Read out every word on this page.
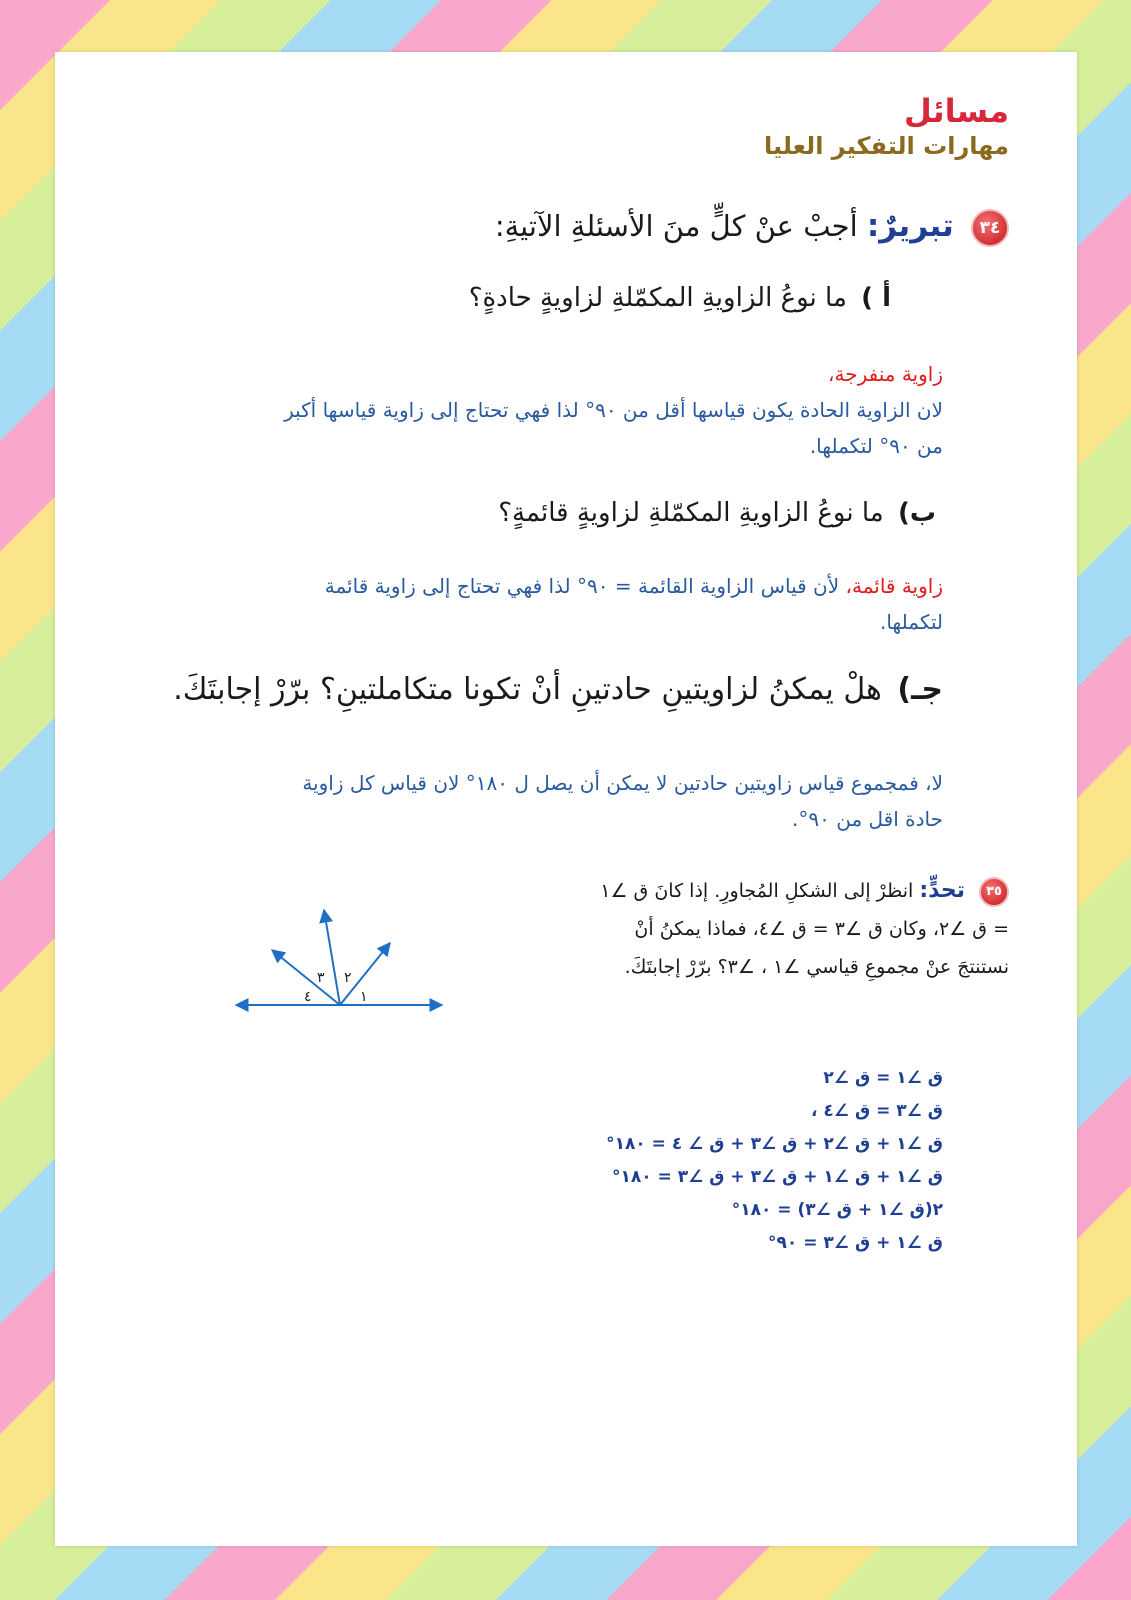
مسائل
مهارات التفكير العليا
٣٤ تبريرٌ: أجبْ عنْ كلٍّ منَ الأسئلةِ الآتيةِ:
أ ) ما نوعُ الزاويةِ المكمّلةِ لزاويةٍ حادةٍ؟
زاوية منفرجة،
لان الزاوية الحادة يكون قياسها أقل من ٩٠° لذا فهي تحتاج إلى زاوية قياسها أكبر
من ٩٠° لتكملها.
ب) ما نوعُ الزاويةِ المكمّلةِ لزاويةٍ قائمةٍ؟
زاوية قائمة، لأن قياس الزاوية القائمة = ٩٠° لذا فهي تحتاج إلى زاوية قائمة
لتكملها.
جـ) هلْ يمكنُ لزاويتينِ حادتينِ أنْ تكونا متكاملتينِ؟ برّرْ إجابتَكَ.
لا، فمجموع قياس زاويتين حادتين لا يمكن أن يصل ل ١٨٠° لان قياس كل زاوية
حادة اقل من ٩٠°.
٣٥ تحدٍّ: انظرْ إلى الشكلِ المُجاورِ. إذا كانَ ق ∠١ = ق ∠٢، وكان ق ∠٣ = ق ∠٤، فماذا يمكنُ أنْ نستنتجَ عنْ مجموعِ قياسي ∠١ ، ∠٣؟ برّرْ إجابتَكَ.
١
٢
٣
٤
ق ∠١ = ق ∠٢
ق ∠٣ = ق ∠٤ ،
ق ∠١ + ق ∠٢ + ق ∠٣ + ق ∠ ٤ = ١٨٠°
ق ∠١ + ق ∠١ + ق ∠٣ + ق ∠٣ = ١٨٠°
٢(ق ∠١ + ق ∠٣) = ١٨٠°
ق ∠١ + ق ∠٣ = ٩٠°
